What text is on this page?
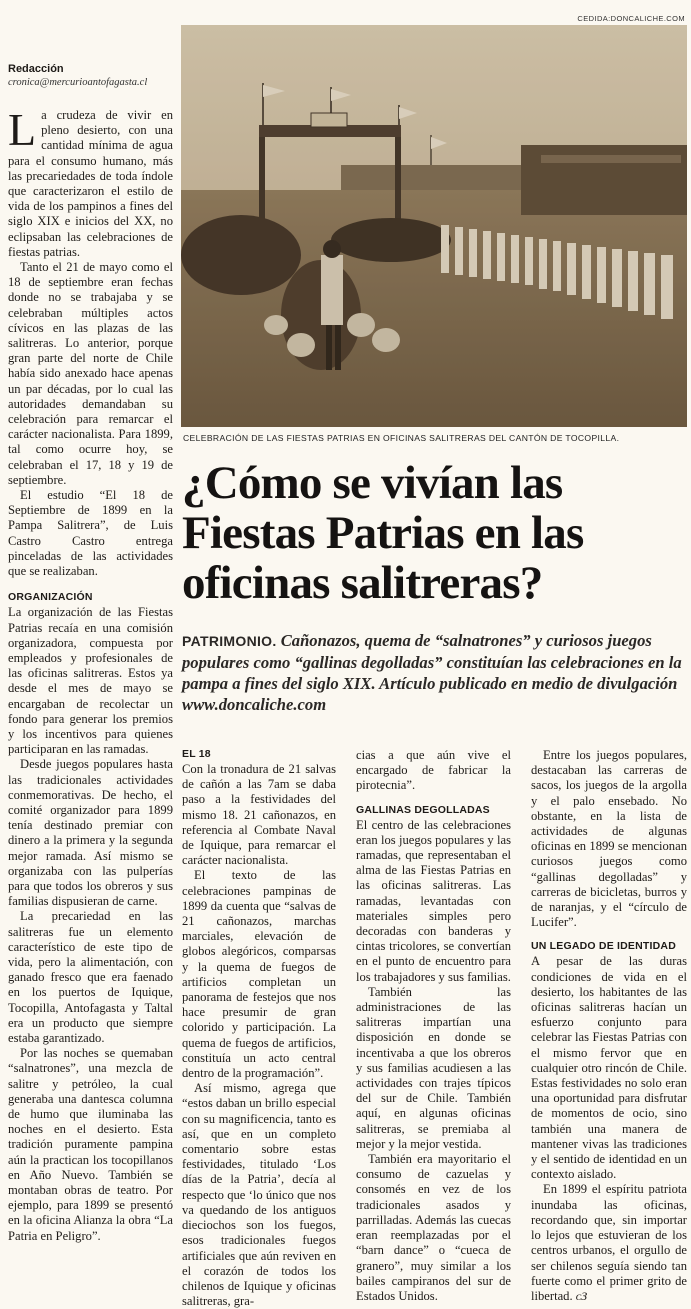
CEDIDA:DONCALICHE.COM
Redacción
cronica@mercurioantofagasta.cl

La crudeza de vivir en pleno desierto, con una cantidad mínima de agua para el consumo humano, más las precariedades de toda índole que caracterizaron el estilo de vida de los pampinos a fines del siglo XIX e inicios del XX, no eclipsaban las celebraciones de fiestas patrias.

Tanto el 21 de mayo como el 18 de septiembre eran fechas donde no se trabajaba y se celebraban múltiples actos cívicos en las plazas de las salitreras. Lo anterior, porque gran parte del norte de Chile había sido anexado hace apenas un par décadas, por lo cual las autoridades demandaban su celebración para remarcar el carácter nacionalista. Para 1899, tal como ocurre hoy, se celebraban el 17, 18 y 19 de septiembre.

El estudio “El 18 de Septiembre de 1899 en la Pampa Salitrera”, de Luis Castro Castro entrega pinceladas de las actividades que se realizaban.

ORGANIZACIÓN

La organización de las Fiestas Patrias recaía en una comisión organizadora, compuesta por empleados y profesionales de las oficinas salitreras. Estos ya desde el mes de mayo se encargaban de recolectar un fondo para generar los premios y los incentivos para quienes participaran en las ramadas.

Desde juegos populares hasta las tradicionales actividades conmemorativas. De hecho, el comité organizador para 1899 tenía destinado premiar con dinero a la primera y la segunda mejor ramada. Así mismo se organizaba con las pulperías para que todos los obreros y sus familias dispusieran de carne.

La precariedad en las salitreras fue un elemento característico de este tipo de vida, pero la alimentación, con ganado fresco que era faenado en los puertos de Iquique, Tocopilla, Antofagasta y Taltal era un producto que siempre estaba garantizado.

Por las noches se quemaban “salnatrones”, una mezcla de salitre y petróleo, la cual generaba una dantesca columna de humo que iluminaba las noches en el desierto. Esta tradición puramente pampina aún la practican los tocopillanos en Año Nuevo. También se montaban obras de teatro. Por ejemplo, para 1899 se presentó en la oficina Alianza la obra “La Patria en Peligro”.

CELEBRACIÓN DE LAS FIESTAS PATRIAS EN OFICINAS SALITRERAS DEL CANTÓN DE TOCOPILLA.
¿Cómo se vivían las Fiestas Patrias en las oficinas salitreras?
PATRIMONIO. Cañonazos, quema de “salnatrones” y curiosos juegos populares como “gallinas degolladas” constituían las celebraciones en la pampa a fines del siglo XIX. Artículo publicado en medio de divulgación www.doncaliche.com
EL 18

Con la tronadura de 21 salvas de cañón a las 7am se daba paso a la festividades del mismo 18. 21 cañonazos, en referencia al Combate Naval de Iquique, para remarcar el carácter nacionalista.

El texto de las celebraciones pampinas de 1899 da cuenta que “salvas de 21 cañonazos, marchas marciales, elevación de globos alegóricos, comparsas y la quema de fuegos de artificios completan un panorama de festejos que nos hace presumir de gran colorido y participación. La quema de fuegos de artificios, constituía un acto central dentro de la programación”.

Así mismo, agrega que “estos daban un brillo especial con su magnificencia, tanto es así, que en un completo comentario sobre estas festividades, titulado ‘Los días de la Patria’, decía al respecto que ‘lo único que nos va quedando de los antiguos dieciochos son los fuegos, esos tradicionales fuegos artificiales que aún reviven en el corazón de todos los chilenos de Iquique y oficinas salitreras, gra-

cias a que aún vive el encargado de fabricar la pirotecnia”.

GALLINAS DEGOLLADAS

El centro de las celebraciones eran los juegos populares y las ramadas, que representaban el alma de las Fiestas Patrias en las oficinas salitreras. Las ramadas, levantadas con materiales simples pero decoradas con banderas y cintas tricolores, se convertían en el punto de encuentro para los trabajadores y sus familias.

También las administraciones de las salitreras impartían una disposición en donde se incentivaba a que los obreros y sus familias acudiesen a las actividades con trajes típicos del sur de Chile. También aquí, en algunas oficinas salitreras, se premiaba al mejor y la mejor vestida.

También era mayoritario el consumo de cazuelas y consomés en vez de los tradicionales asados y parrilladas. Además las cuecas eran reemplazadas por el “barn dance” o “cueca de granero”, muy similar a los bailes campiranos del sur de Estados Unidos.

Entre los juegos populares, destacaban las carreras de sacos, los juegos de la argolla y el palo ensebado. No obstante, en la lista de actividades de algunas oficinas en 1899 se mencionan curiosos juegos como “gallinas degolladas” y carreras de bicicletas, burros y de naranjas, y el “círculo de Lucifer”.

UN LEGADO DE IDENTIDAD

A pesar de las duras condiciones de vida en el desierto, los habitantes de las oficinas salitreras hacían un esfuerzo conjunto para celebrar las Fiestas Patrias con el mismo fervor que en cualquier otro rincón de Chile. Estas festividades no solo eran una oportunidad para disfrutar de momentos de ocio, sino también una manera de mantener vivas las tradiciones y el sentido de identidad en un contexto aislado.

En 1899 el espíritu patriota inundaba las oficinas, recordando que, sin importar lo lejos que estuvieran de los centros urbanos, el orgullo de ser chilenos seguía siendo tan fuerte como el primer grito de libertad. ᴄЗ
